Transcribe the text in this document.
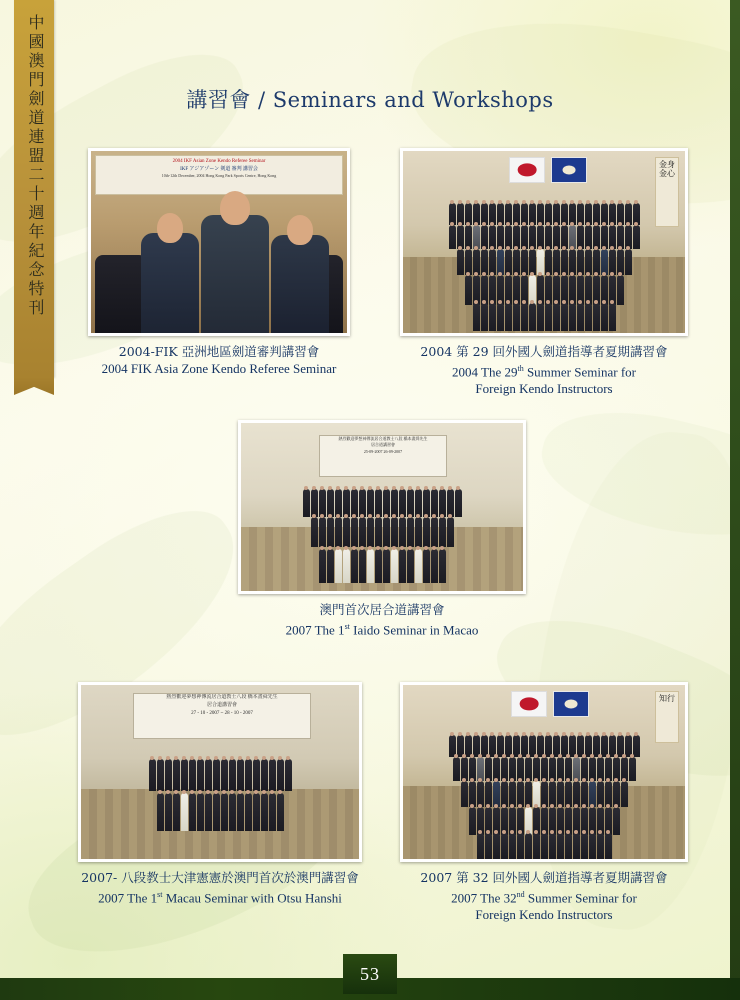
中國澳門劍道連盟二十週年紀念特刊	講習會 / Seminars and Workshops
2004 IKF Asian Zone Kendo Referee Seminar
IKF アジアゾーン 剣道 審判 講習会
10th-12th December, 2004 Hong Kong Park Sports Centre, Hong Kong
2004-FIK 亞洲地區劍道審判講習會
2004 FIK Asia Zone Kendo Referee Seminar
金身金心
2004 第 29 回外國人劍道指導者夏期講習會
2004 The 29th Summer Seminar for
Foreign Kendo Instructors
熱烈歡迎夢想神傳流居合道教士八段 橋本晝舜先生
居合道講習會
25-09-2007 26-09-2007
澳門首次居合道講習會
2007 The 1st Iaido Seminar in Macao
熱烈歡迎夢想神傳流居合道教士八段 橋本晝舜先生
居合道講習會
27 - 10 - 2007 ~ 28 - 10 - 2007
2007- 八段教士大津憲憲於澳門首次於澳門講習會
2007 The 1st Macau Seminar with Otsu Hanshi
知行
2007 第 32 回外國人劍道指導者夏期講習會
2007 The 32nd Summer Seminar for
Foreign Kendo Instructors
53
